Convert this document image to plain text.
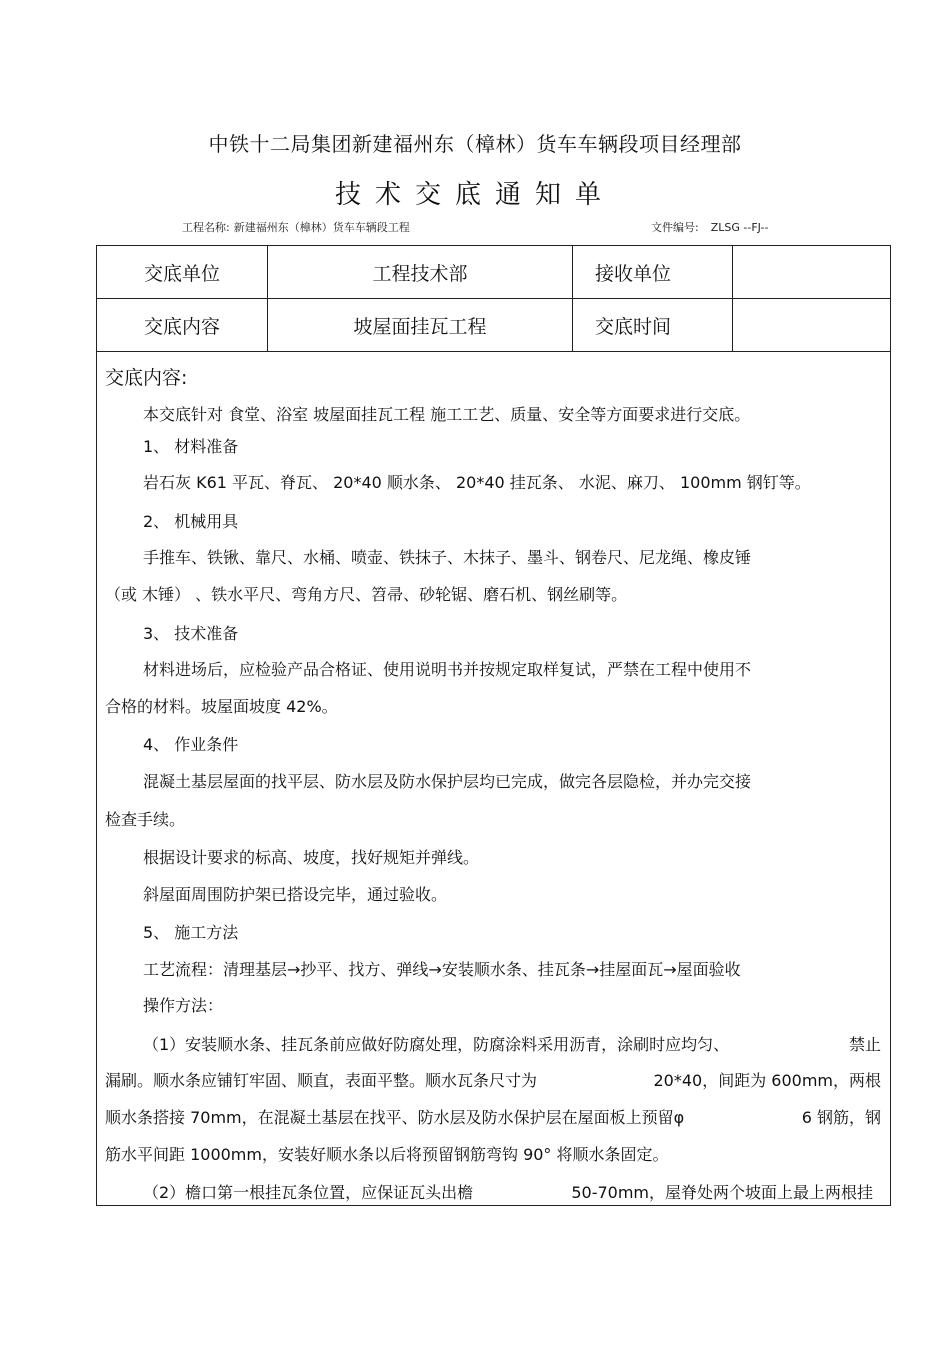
中铁十二局集团新建福州东（樟林）货车车辆段项目经理部
技术交底通知单
工程名称: 新建福州东（樟林）货车车辆段工程	文件编号: ZLSG --FJ--
交底单位	工程技术部	接收单位	
交底内容	坡屋面挂瓦工程	交底时间	
交底内容:
本交底针对 食堂、浴室 坡屋面挂瓦工程 施工工艺、质量、安全等方面要求进行交底。
1、 材料准备
岩石灰 K61 平瓦、脊瓦、 20*40 顺水条、 20*40 挂瓦条、 水泥、麻刀、 100mm 钢钉等。
2、 机械用具
手推车、铁锹、靠尺、水桶、喷壶、铁抹子、木抹子、墨斗、钢卷尺、尼龙绳、橡皮锤
（或 木锤） 、铁水平尺、弯角方尺、笤帚、砂轮锯、磨石机、钢丝刷等。
3、 技术准备
材料进场后，应检验产品合格证、使用说明书并按规定取样复试，严禁在工程中使用不
合格的材料。坡屋面坡度 42%。
4、 作业条件
混凝土基层屋面的找平层、防水层及防水保护层均已完成，做完各层隐检，并办完交接
检查手续。
根据设计要求的标高、坡度，找好规矩并弹线。
斜屋面周围防护架已搭设完毕，通过验收。
5、 施工方法
工艺流程：清理基层→抄平、找方、弹线→安装顺水条、挂瓦条→挂屋面瓦→屋面验收
操作方法：
（1）安装顺水条、挂瓦条前应做好防腐处理，防腐涂料采用沥青，涂刷时应均匀、	禁止
漏刷。顺水条应铺钉牢固、顺直，表面平整。顺水瓦条尺寸为	20*40，间距为 600mm，两根
顺水条搭接 70mm，在混凝土基层在找平、防水层及防水保护层在屋面板上预留φ	6 钢筋，钢
筋水平间距 1000mm，安装好顺水条以后将预留钢筋弯钩 90° 将顺水条固定。
（2）檐口第一根挂瓦条位置，应保证瓦头出檐	50-70mm，屋脊处两个坡面上最上两根挂
